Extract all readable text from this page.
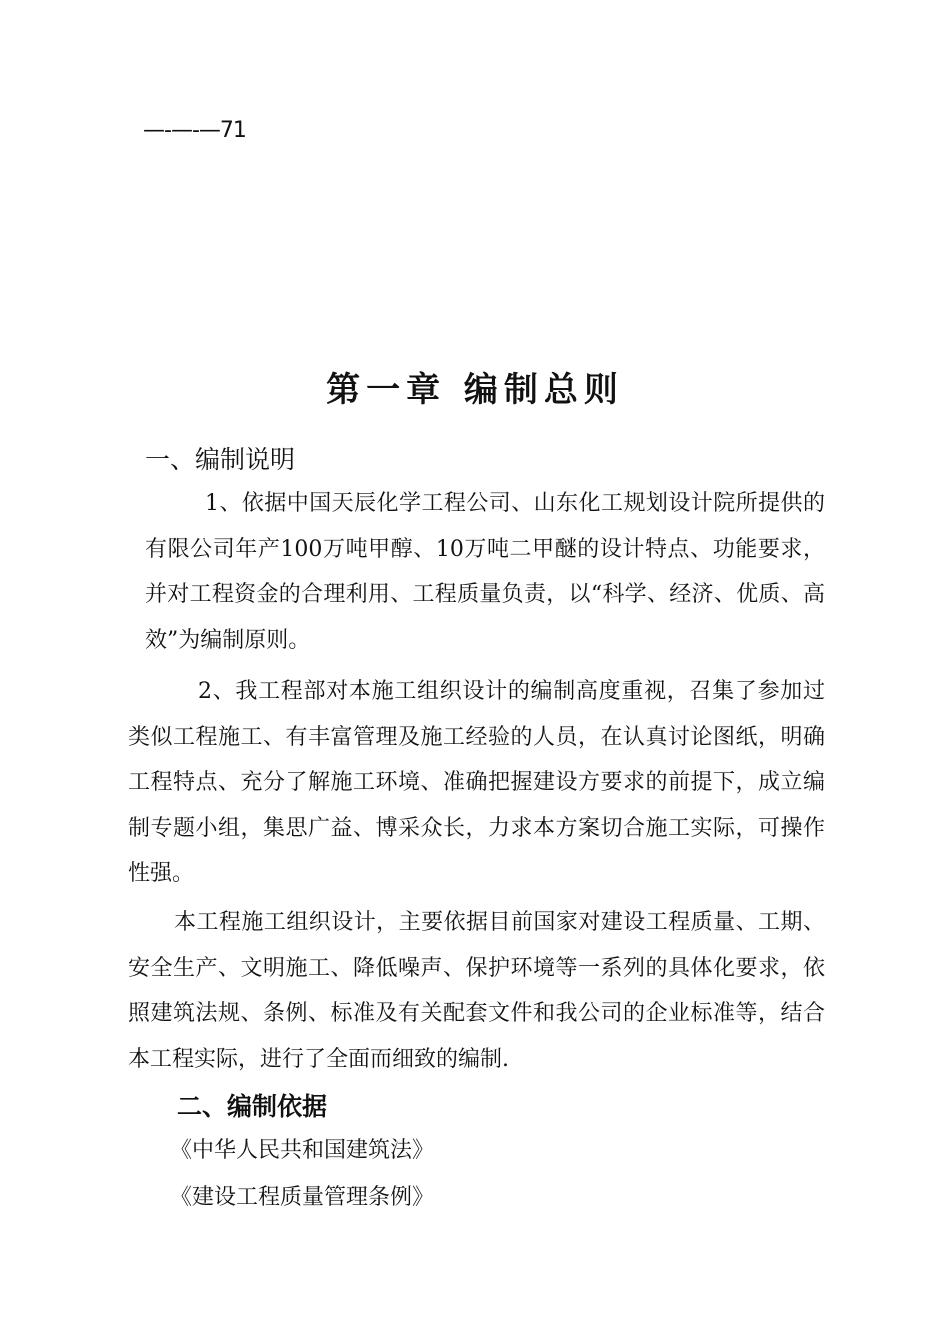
—-—-—71
第一章 编制总则
一、编制说明

1、依据中国天辰化学工程公司、山东化工规划设计院所提供的有限公司年产100万吨甲醇、10万吨二甲醚的设计特点、功能要求，并对工程资金的合理利用、工程质量负责，以“科学、经济、优质、高效”为编制原则。

2、我工程部对本施工组织设计的编制高度重视，召集了参加过类似工程施工、有丰富管理及施工经验的人员，在认真讨论图纸，明确工程特点、充分了解施工环境、准确把握建设方要求的前提下，成立编制专题小组，集思广益、博采众长，力求本方案切合施工实际，可操作性强。

本工程施工组织设计，主要依据目前国家对建设工程质量、工期、安全生产、文明施工、降低噪声、保护环境等一系列的具体化要求，依照建筑法规、条例、标准及有关配套文件和我公司的企业标准等，结合本工程实际，进行了全面而细致的编制.

二、编制依据
《中华人民共和国建筑法》
《建设工程质量管理条例》
